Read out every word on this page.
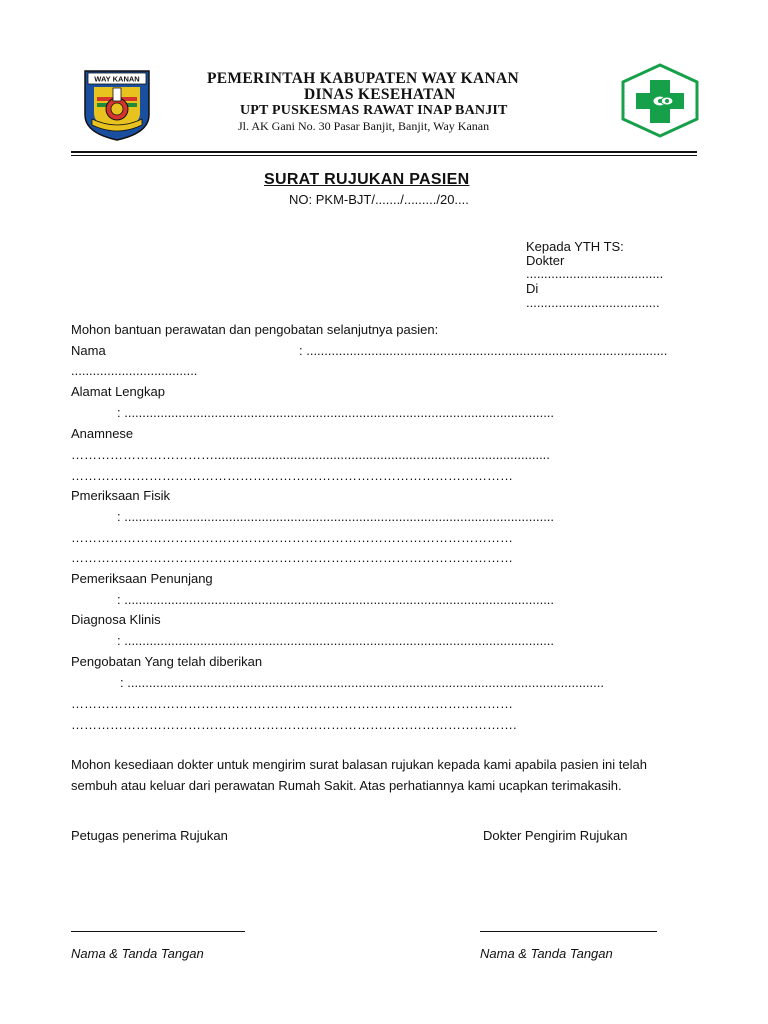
WAY KANAN	PEMERINTAH KABUPATEN WAY KANAN
DINAS KESEHATAN
UPT PUSKESMAS RAWAT INAP BANJIT
Jl. AK Gani No. 30 Pasar Banjit, Banjit, Way Kanan
SURAT RUJUKAN PASIEN
NO: PKM-BJT/......./........./20....
Kepada YTH TS:
Dokter
......................................
Di
.....................................
Mohon bantuan perawatan dan pengobatan selanjutnya pasien:
Nama	: ....................................................................................................
...................................
Alamat Lengkap
: .......................................................................................................................
Anamnese
…………………………….............................................................................................
…………………………………………………………………………………………
Pmeriksaan Fisik
: .......................................................................................................................
…………………………………………………………………………………………
…………………………………………………………………………………………
Pemeriksaan Penunjang
: .......................................................................................................................
Diagnosa Klinis
: .......................................................................................................................
Pengobatan Yang telah diberikan
: ....................................................................................................................................
…………………………………………………………………………………………
………………………………………………………………………………………….
Mohon kesediaan dokter untuk mengirim surat balasan rujukan kepada kami apabila pasien ini telah
sembuh atau keluar dari perawatan Rumah Sakit. Atas perhatiannya kami ucapkan terimakasih.
Petugas penerima Rujukan	Dokter Pengirim Rujukan
Nama & Tanda Tangan	Nama & Tanda Tangan
